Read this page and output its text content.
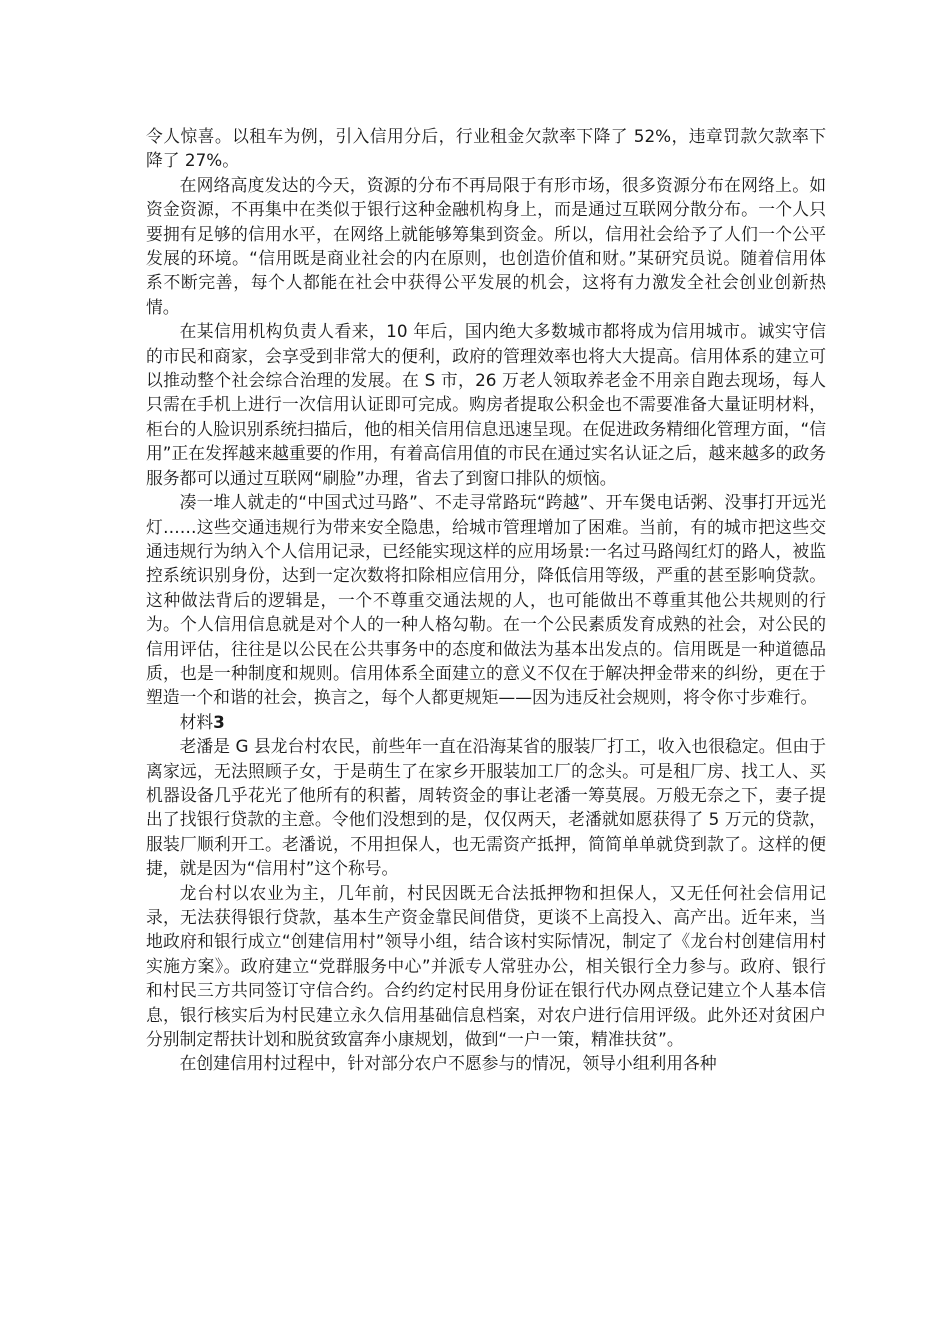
令人惊喜。以租车为例，引入信用分后，行业租金欠款率下降了 52%，违章罚款欠款率下降了 27%。

在网络高度发达的今天，资源的分布不再局限于有形市场，很多资源分布在网络上。如资金资源，不再集中在类似于银行这种金融机构身上，而是通过互联网分散分布。一个人只要拥有足够的信用水平，在网络上就能够筹集到资金。所以，信用社会给予了人们一个公平发展的环境。“信用既是商业社会的内在原则，也创造价值和财。”某研究员说。随着信用体系不断完善，每个人都能在社会中获得公平发展的机会，这将有力激发全社会创业创新热情。

在某信用机构负责人看来，10 年后，国内绝大多数城市都将成为信用城市。诚实守信的市民和商家，会享受到非常大的便利，政府的管理效率也将大大提高。信用体系的建立可以推动整个社会综合治理的发展。在 S 市，26 万老人领取养老金不用亲自跑去现场，每人只需在手机上进行一次信用认证即可完成。购房者提取公积金也不需要准备大量证明材料，柜台的人脸识别系统扫描后，他的相关信用信息迅速呈现。在促进政务精细化管理方面，“信用”正在发挥越来越重要的作用，有着高信用值的市民在通过实名认证之后，越来越多的政务服务都可以通过互联网“刷脸”办理，省去了到窗口排队的烦恼。

凑一堆人就走的“中国式过马路”、不走寻常路玩“跨越”、开车煲电话粥、没事打开远光灯……这些交通违规行为带来安全隐患，给城市管理增加了困难。当前，有的城市把这些交通违规行为纳入个人信用记录，已经能实现这样的应用场景:一名过马路闯红灯的路人，被监控系统识别身份，达到一定次数将扣除相应信用分，降低信用等级，严重的甚至影响贷款。这种做法背后的逻辑是，一个不尊重交通法规的人，也可能做出不尊重其他公共规则的行为。个人信用信息就是对个人的一种人格勾勒。在一个公民素质发育成熟的社会，对公民的信用评估，往往是以公民在公共事务中的态度和做法为基本出发点的。信用既是一种道德品质，也是一种制度和规则。信用体系全面建立的意义不仅在于解决押金带来的纠纷，更在于塑造一个和谐的社会，换言之，每个人都更规矩——因为违反社会规则，将令你寸步难行。

材料3

老潘是 G 县龙台村农民，前些年一直在沿海某省的服装厂打工，收入也很稳定。但由于离家远，无法照顾子女，于是萌生了在家乡开服装加工厂的念头。可是租厂房、找工人、买机器设备几乎花光了他所有的积蓄，周转资金的事让老潘一筹莫展。万般无奈之下，妻子提出了找银行贷款的主意。令他们没想到的是，仅仅两天，老潘就如愿获得了 5 万元的贷款，服装厂顺利开工。老潘说，不用担保人，也无需资产抵押，简简单单就贷到款了。这样的便捷，就是因为“信用村”这个称号。

龙台村以农业为主，几年前，村民因既无合法抵押物和担保人，又无任何社会信用记录，无法获得银行贷款，基本生产资金靠民间借贷，更谈不上高投入、高产出。近年来，当地政府和银行成立“创建信用村”领导小组，结合该村实际情况，制定了《龙台村创建信用村实施方案》。政府建立“党群服务中心”并派专人常驻办公，相关银行全力参与。政府、银行和村民三方共同签订守信合约。合约约定村民用身份证在银行代办网点登记建立个人基本信息，银行核实后为村民建立永久信用基础信息档案，对农户进行信用评级。此外还对贫困户分别制定帮扶计划和脱贫致富奔小康规划，做到“一户一策，精准扶贫”。

在创建信用村过程中，针对部分农户不愿参与的情况，领导小组利用各种
